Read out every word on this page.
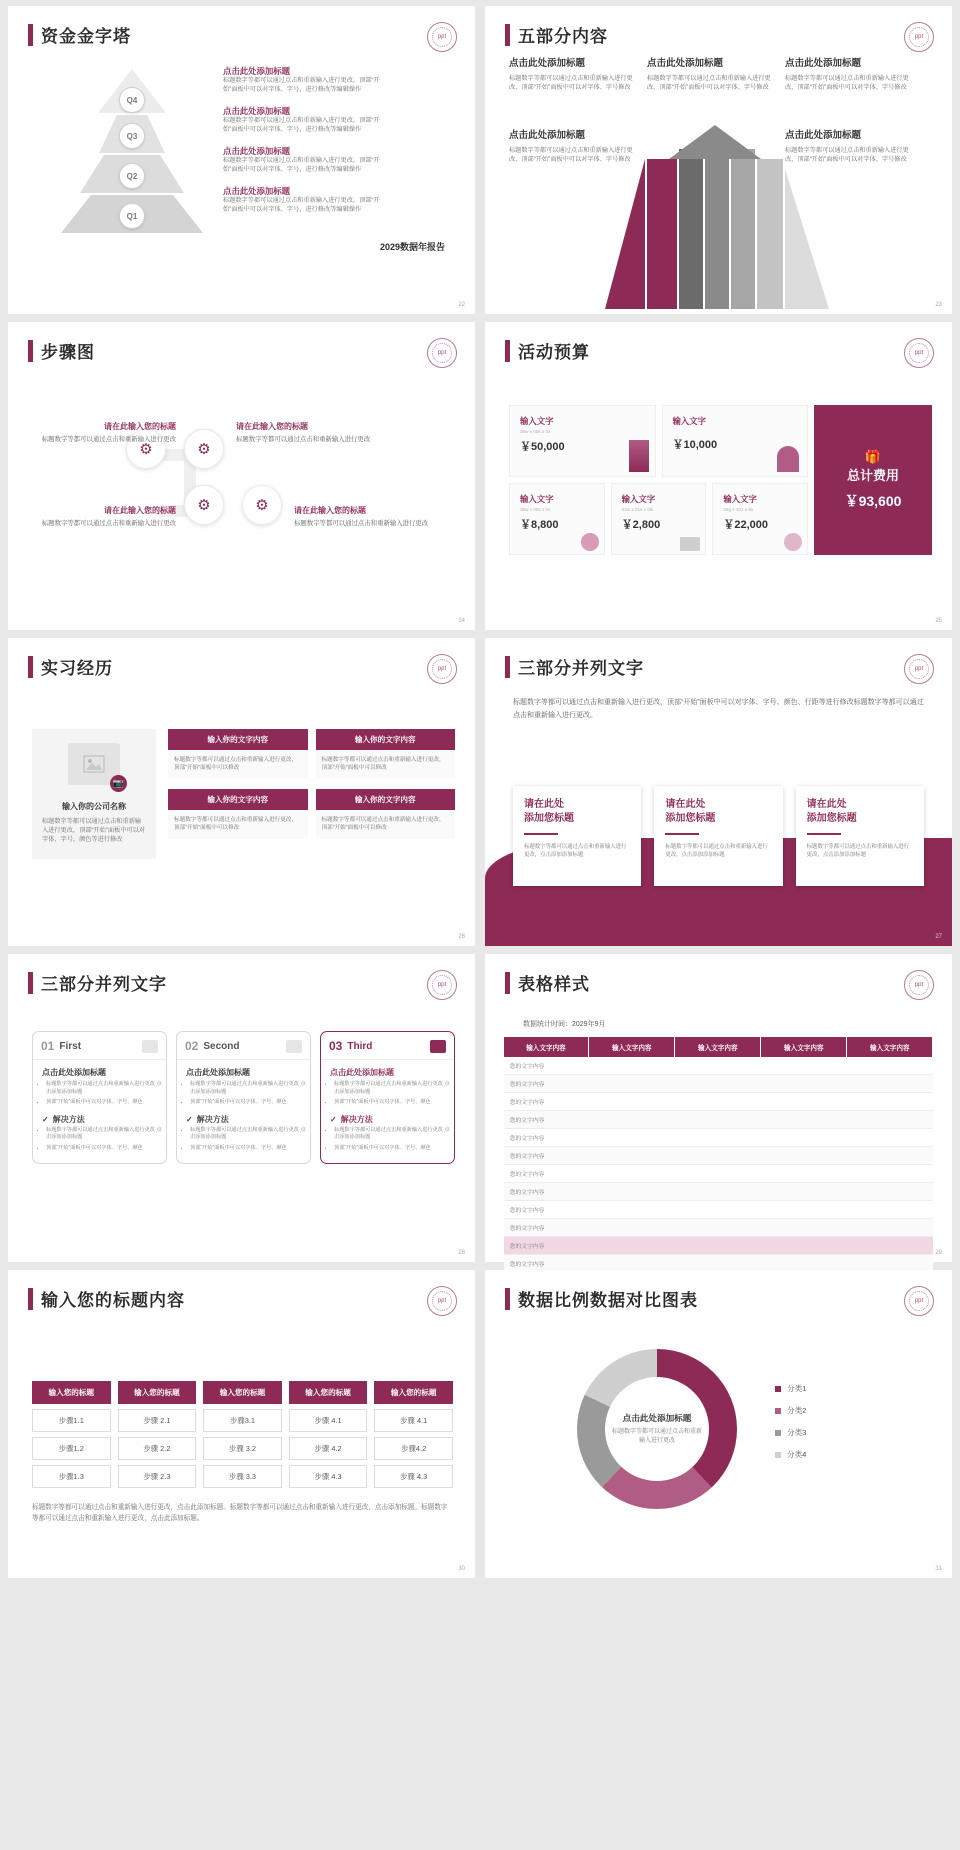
资金金字塔	ppt
Q4
Q3
Q2
Q1
点击此处添加标题
标题数字等都可以通过点击和重新输入进行更改，顶部“开始”面板中可以对字体、字号、进行修改等编辑操作
点击此处添加标题
标题数字等都可以通过点击和重新输入进行更改，顶部“开始”面板中可以对字体、字号、进行修改等编辑操作
点击此处添加标题
标题数字等都可以通过点击和重新输入进行更改，顶部“开始”面板中可以对字体、字号、进行修改等编辑操作
点击此处添加标题
标题数字等都可以通过点击和重新输入进行更改，顶部“开始”面板中可以对字体、字号、进行修改等编辑操作
2029数据年报告
22
五部分内容	ppt
点击此处添加标题
标题数字等都可以通过点击和重新输入进行更改，顶部“开始”面板中可以对字体、字号修改
点击此处添加标题
标题数字等都可以通过点击和重新输入进行更改，顶部“开始”面板中可以对字体、字号修改
点击此处添加标题
标题数字等都可以通过点击和重新输入进行更改，顶部“开始”面板中可以对字体、字号修改
点击此处添加标题
标题数字等都可以通过点击和重新输入进行更改，顶部“开始”面板中可以对字体、字号修改
点击此处添加标题
标题数字等都可以通过点击和重新输入进行更改，顶部“开始”面板中可以对字体、字号修改
23
步骤图	ppt
⚙	⚙
⚙	⚙
请在此输入您的标题
标题数字等都可以通过点击和重新输入进行更改
请在此输入您的标题
标题数字等都可以通过点击和重新输入进行更改
请在此输入您的标题
标题数字等都可以通过点击和重新输入进行更改
请在此输入您的标题
标题数字等都可以通过点击和重新输入进行更改
24
活动预算	ppt
输入文字
38w x 00s x 0x
￥50,000
输入文字
￥10,000
输入文字
38w x 00s x 0x
￥8,800
输入文字
02w x 01s x 0/k
￥2,800
输入文字
28g x 10,t x 8x
￥22,000
🎁
总计费用
￥93,600
25
实习经历	ppt
📷
输入你的公司名称
标题数字等都可以通过点击和重新输入进行更改，顶部“开始”面板中可以对字体、字号、颜色等进行修改
输入你的文字内容
标题数字等都可以通过点击和重新输入进行更改，顶部“开始”面板中可以修改
输入你的文字内容
标题数字等都可以通过点击和重新输入进行更改，顶部“开始”面板中可以修改
输入你的文字内容
标题数字等都可以通过点击和重新输入进行更改，顶部“开始”面板中可以修改
输入你的文字内容
标题数字等都可以通过点击和重新输入进行更改，顶部“开始”面板中可以修改
26
三部分并列文字	ppt
标题数字等都可以通过点击和重新输入进行更改，顶部“开始”面板中可以对字体、字号、颜色、行距等进行修改标题数字等都可以通过点击和重新输入进行更改。
请在此处
添加您标题
标题数字等都可以通过点击和重新输入进行更改，点击添加添加标题
请在此处
添加您标题
标题数字等都可以通过点击和重新输入进行更改，点击添加添加标题
请在此处
添加您标题
标题数字等都可以通过点击和重新输入进行更改，点击添加添加标题
27
三部分并列文字	ppt
01 First
点击此处添加标题
• 标题数字等都可以通过点击和重新输入进行更改 点击添加添加标题
• 顶部“开始”面板中可以对字体、字号、颜色
✓ 解决方法
• 标题数字等都可以通过点击和重新输入进行更改 点击添加添加标题
• 顶部“开始”面板中可以对字体、字号、颜色
02 Second
点击此处添加标题
• 标题数字等都可以通过点击和重新输入进行更改 点击添加添加标题
• 顶部“开始”面板中可以对字体、字号、颜色
✓ 解决方法
• 标题数字等都可以通过点击和重新输入进行更改 点击添加添加标题
• 顶部“开始”面板中可以对字体、字号、颜色
03 Third
点击此处添加标题
• 标题数字等都可以通过点击和重新输入进行更改 点击添加添加标题
• 顶部“开始”面板中可以对字体、字号、颜色
✓ 解决方法
• 标题数字等都可以通过点击和重新输入进行更改 点击添加添加标题
• 顶部“开始”面板中可以对字体、字号、颜色
28
表格样式	ppt
数据统计时间：2029年9月
输入文字内容	输入文字内容	输入文字内容	输入文字内容	输入文字内容
您的文字内容				
您的文字内容				
您的文字内容				
您的文字内容				
您的文字内容				
您的文字内容				
您的文字内容				
您的文字内容				
您的文字内容				
您的文字内容				
您的文字内容				
您的文字内容				
29
输入您的标题内容	ppt
输入您的标题	输入您的标题	输入您的标题	输入您的标题	输入您的标题
步骤1.1	步骤 2.1	步骤3.1	步骤 4.1	步骤 4.1
步骤1.2	步骤 2.2	步骤 3.2	步骤 4.2	步骤4.2
步骤1.3	步骤 2.3	步骤 3.3	步骤 4.3	步骤 4.3
标题数字等都可以通过点击和重新输入进行更改，点击此添加标题。标题数字等都可以通过点击和重新输入进行更改，点击添加标题。标题数字等都可以通过点击和重新输入进行更改，点击此添加标题。
30
数据比例数据对比图表	ppt
点击此处添加标题
标题数字等都可以通过点击和重新输入进行更改
分类1
分类2
分类3
分类4
31
